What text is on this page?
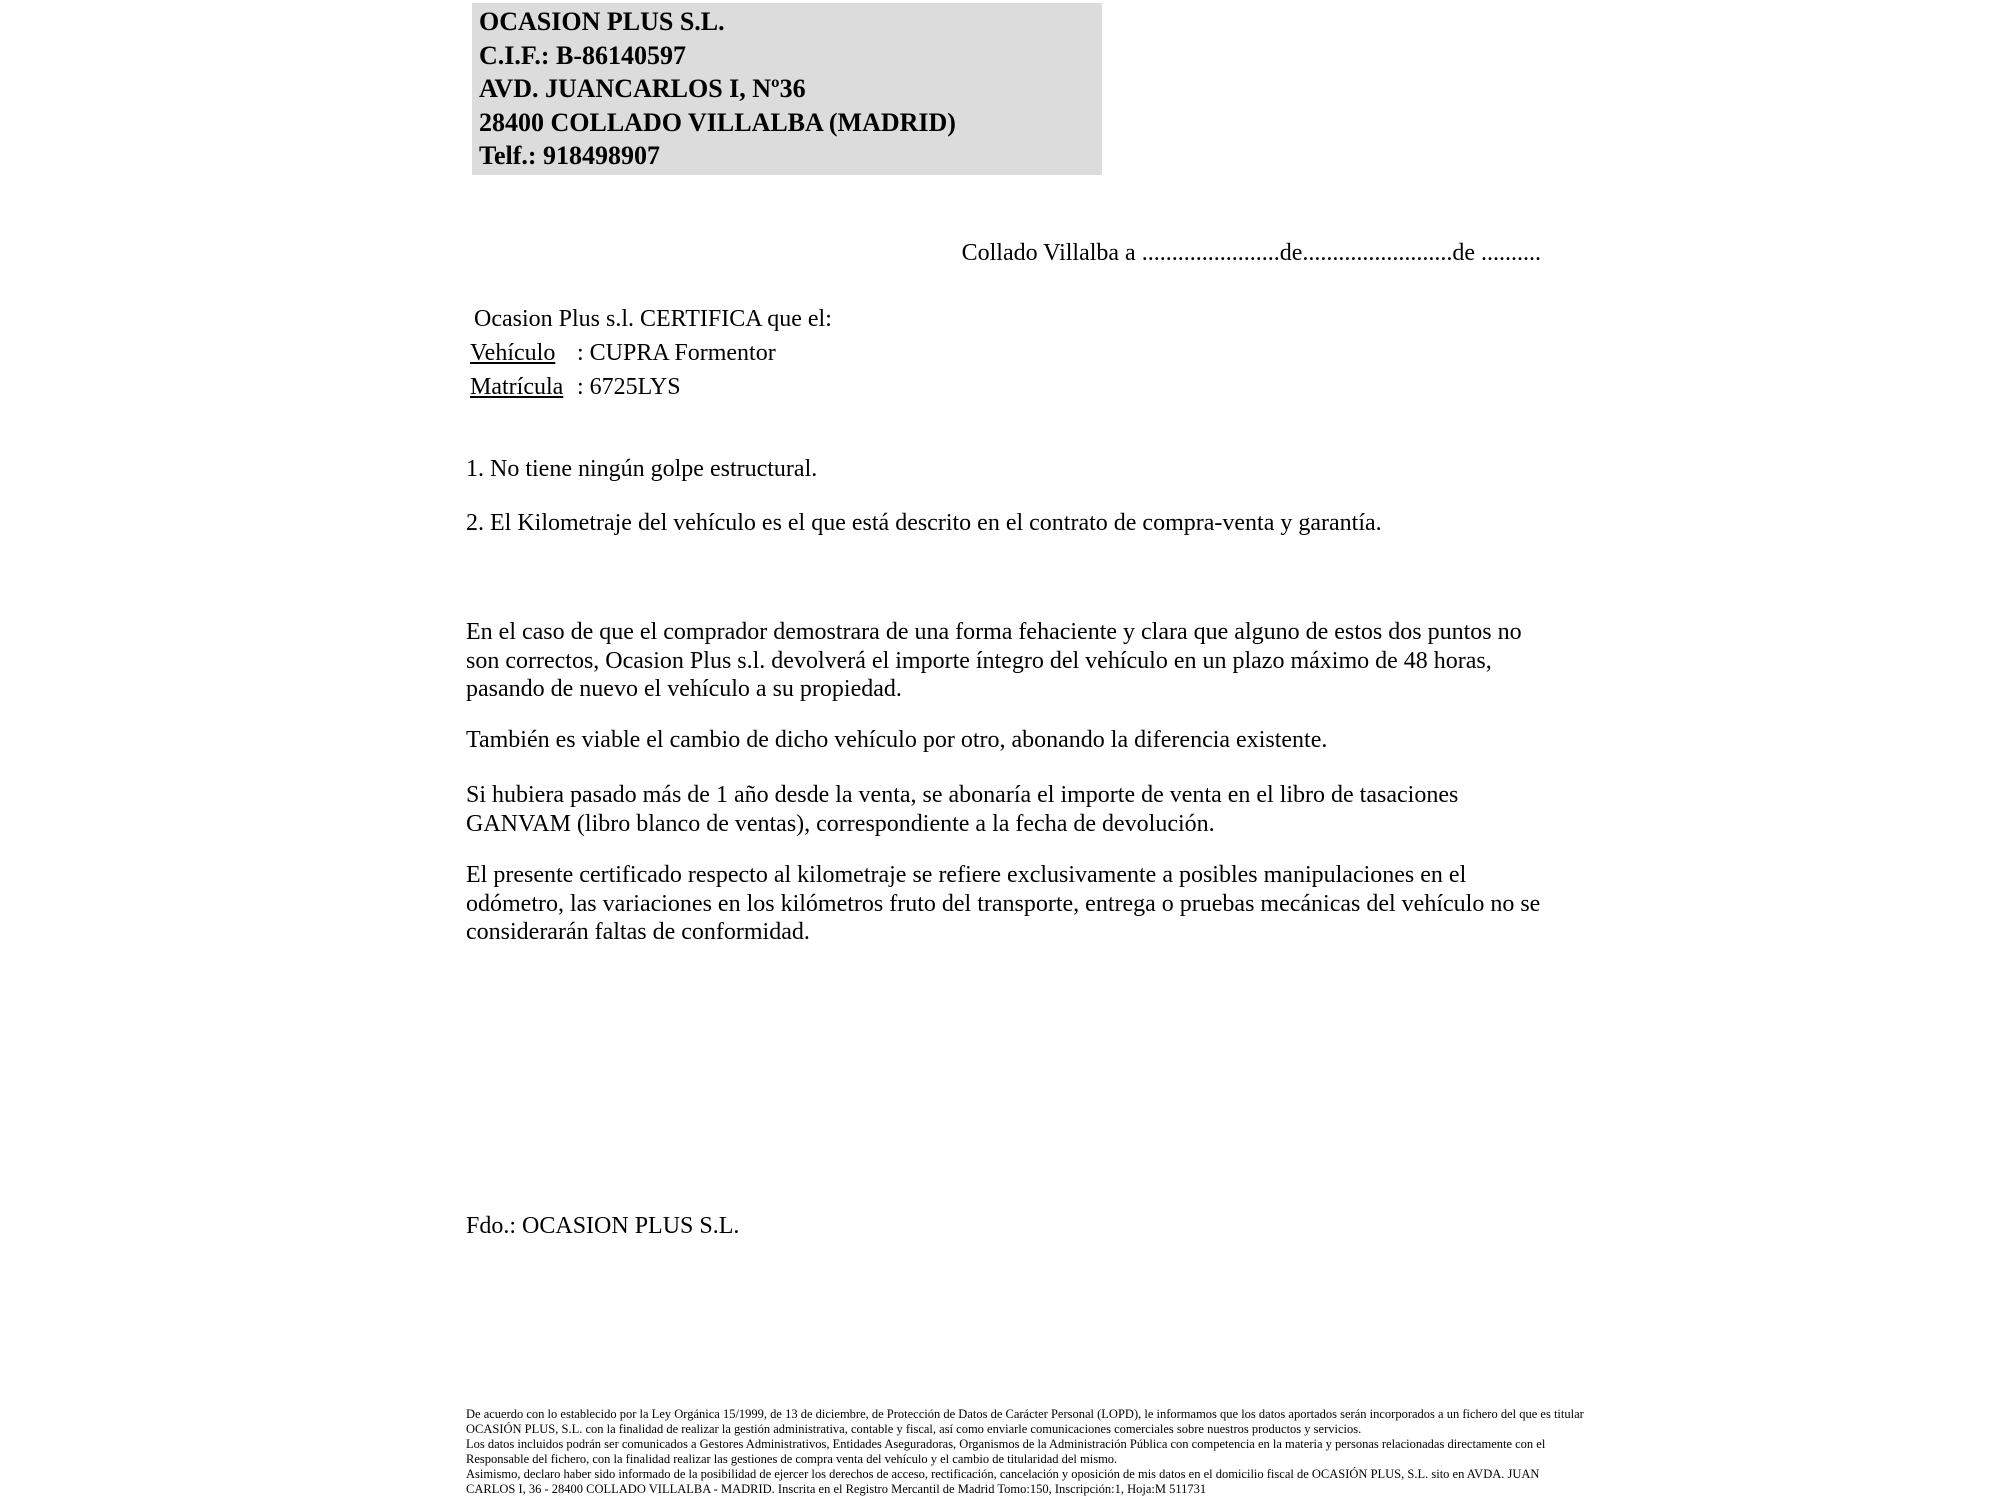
OCASION PLUS S.L.
C.I.F.: B-86140597
AVD. JUANCARLOS I, Nº36
28400 COLLADO VILLALBA (MADRID)
Telf.: 918498907
Collado Villalba a .......................de.........................de ..........
Ocasion Plus s.l. CERTIFICA que el:
Vehículo : CUPRA Formentor
Matrícula : 6725LYS
1. No tiene ningún golpe estructural.
2. El Kilometraje del vehículo es el que está descrito en el contrato de compra-venta y garantía.
En el caso de que el comprador demostrara de una forma fehaciente y clara que alguno de estos dos puntos no son correctos, Ocasion Plus s.l. devolverá el importe íntegro del vehículo en un plazo máximo de 48 horas, pasando de nuevo el vehículo a su propiedad.
También es viable el cambio de dicho vehículo por otro, abonando la diferencia existente.
Si hubiera pasado más de 1 año desde la venta, se abonaría el importe de venta en el libro de tasaciones GANVAM (libro blanco de ventas), correspondiente a la fecha de devolución.
El presente certificado respecto al kilometraje se refiere exclusivamente a posibles manipulaciones en el odómetro, las variaciones en los kilómetros fruto del transporte, entrega o pruebas mecánicas del vehículo no se considerarán faltas de conformidad.
Fdo.: OCASION PLUS S.L.
De acuerdo con lo establecido por la Ley Orgánica 15/1999, de 13 de diciembre, de Protección de Datos de Carácter Personal (LOPD), le informamos que los datos aportados serán incorporados a un fichero del que es titular
OCASIÓN PLUS, S.L. con la finalidad de realizar la gestión administrativa, contable y fiscal, así como enviarle comunicaciones comerciales sobre nuestros productos y servicios.
Los datos incluidos podrán ser comunicados a Gestores Administrativos, Entidades Aseguradoras, Organismos de la Administración Pública con competencia en la materia y personas relacionadas directamente con el
Responsable del fichero, con la finalidad realizar las gestiones de compra venta del vehículo y el cambio de titularidad del mismo.
Asimismo, declaro haber sido informado de la posibilidad de ejercer los derechos de acceso, rectificación, cancelación y oposición de mis datos en el domicilio fiscal de OCASIÓN PLUS, S.L. sito en AVDA. JUAN
CARLOS I, 36 - 28400 COLLADO VILLALBA - MADRID. Inscrita en el Registro Mercantil de Madrid Tomo:150, Inscripción:1, Hoja:M 511731
